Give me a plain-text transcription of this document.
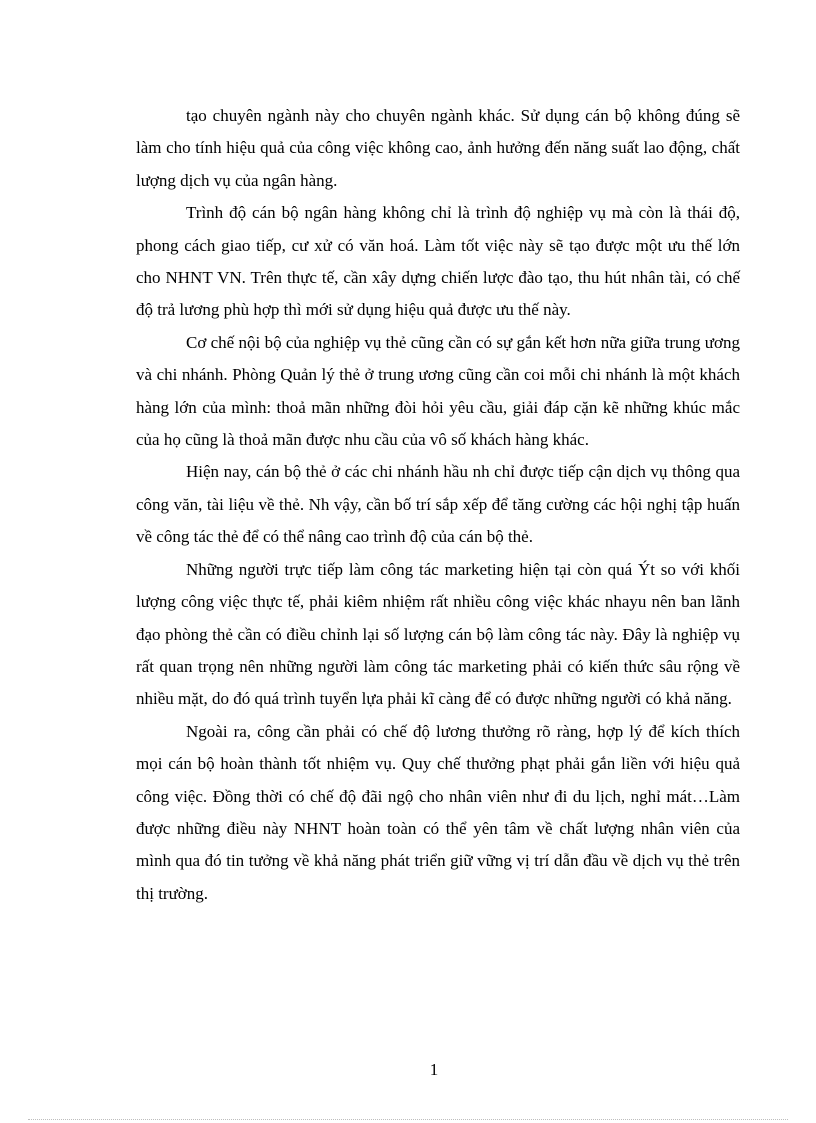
tạo chuyên ngành này cho chuyên ngành khác. Sử dụng cán bộ không đúng sẽ làm cho tính hiệu quả của công việc không cao, ảnh hưởng đến năng suất lao động, chất lượng dịch vụ của ngân hàng.

Trình độ cán bộ ngân hàng không chỉ là trình độ nghiệp vụ mà còn là thái độ, phong cách giao tiếp, cư xử có văn hoá. Làm tốt việc này sẽ tạo được một ưu thế lớn cho NHNT VN. Trên thực tế, cần xây dựng chiến lược đào tạo, thu hút nhân tài, có chế độ trả lương phù hợp thì mới sử dụng hiệu quả được ưu thế này.

Cơ chế nội bộ của nghiệp vụ thẻ cũng cần có sự gắn kết hơn nữa giữa trung ương và chi nhánh. Phòng Quản lý thẻ ở trung ương cũng cần coi mỗi chi nhánh là một khách hàng lớn của mình: thoả mãn những đòi hỏi yêu cầu, giải đáp cặn kẽ những khúc mắc của họ cũng là thoả mãn được nhu cầu của vô số khách hàng khác.

Hiện nay, cán bộ thẻ ở các chi nhánh hầu nh chỉ được tiếp cận dịch vụ thông qua công văn, tài liệu về thẻ. Nh vậy, cần bố trí sắp xếp để tăng cường các hội nghị tập huấn về công tác thẻ để có thể nâng cao trình độ của cán bộ thẻ.

Những người trực tiếp làm công tác marketing hiện tại còn quá Ýt so với khối lượng công việc thực tế, phải kiêm nhiệm rất nhiều công việc khác nhayu nên ban lãnh đạo phòng thẻ cần có điều chỉnh lại số lượng cán bộ làm công tác này. Đây là nghiệp vụ rất quan trọng nên những người làm công tác marketing phải có kiến thức sâu rộng về nhiều mặt, do đó quá trình tuyển lựa phải kĩ càng để có được những người có khả năng.

Ngoài ra, công cần phải có chế độ lương thưởng rõ ràng, hợp lý để kích thích mọi cán bộ hoàn thành tốt nhiệm vụ. Quy chế thưởng phạt phải gắn liền với hiệu quả công việc. Đồng thời có chế độ đãi ngộ cho nhân viên như đi du lịch, nghỉ mát…Làm được những điều này NHNT hoàn toàn có thể yên tâm về chất lượng nhân viên của mình qua đó tin tưởng về khả năng phát triển giữ vững vị trí dẫn đầu về dịch vụ thẻ trên thị trường.

1
